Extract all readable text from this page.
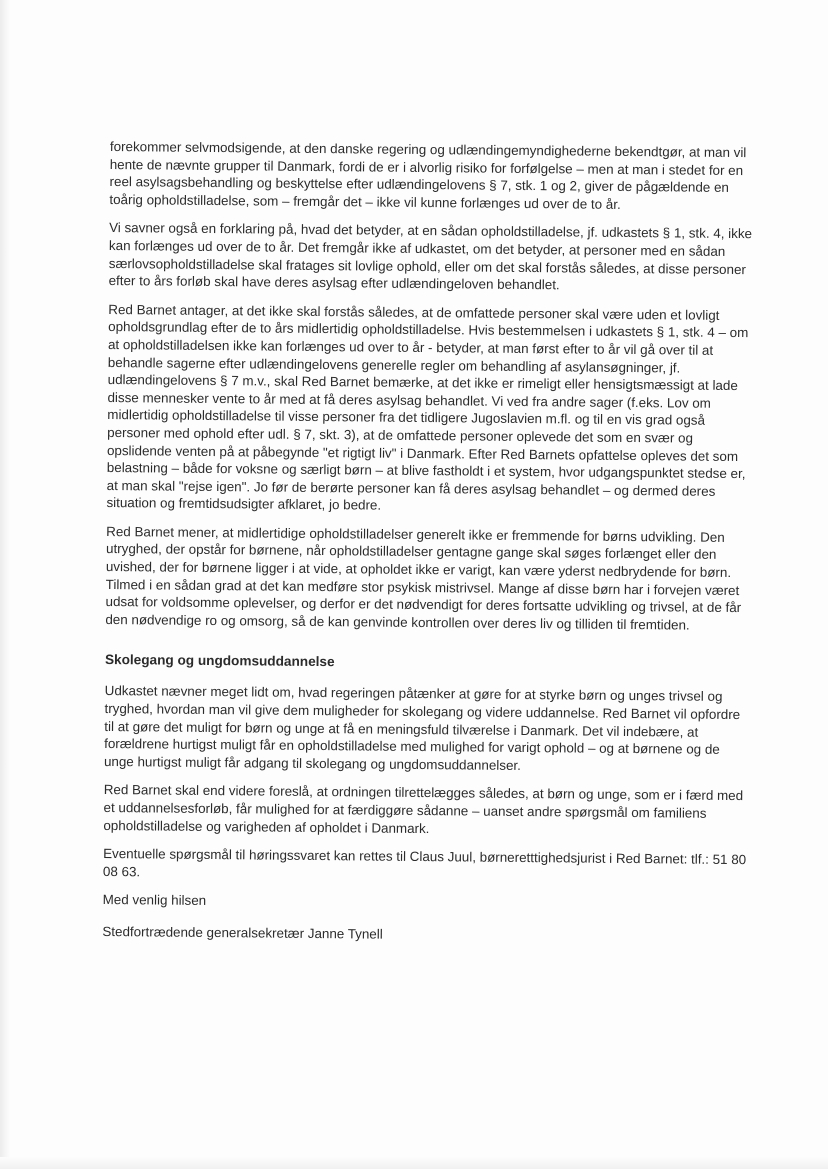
forekommer selvmodsigende, at den danske regering og udlændingemyndighederne bekendtgør, at man vil hente de nævnte grupper til Danmark, fordi de er i alvorlig risiko for forfølgelse – men at man i stedet for en reel asylsagsbehandling og beskyttelse efter udlændingelovens § 7, stk. 1 og 2, giver de pågældende en toårig opholdstilladelse, som – fremgår det – ikke vil kunne forlænges ud over de to år.

Vi savner også en forklaring på, hvad det betyder, at en sådan opholdstilladelse, jf. udkastets § 1, stk. 4, ikke kan forlænges ud over de to år. Det fremgår ikke af udkastet, om det betyder, at personer med en sådan særlovsopholdstilladelse skal fratages sit lovlige ophold, eller om det skal forstås således, at disse personer efter to års forløb skal have deres asylsag efter udlændingeloven behandlet.

Red Barnet antager, at det ikke skal forstås således, at de omfattede personer skal være uden et lovligt opholdsgrundlag efter de to års midlertidig opholdstilladelse. Hvis bestemmelsen i udkastets § 1, stk. 4 – om at opholdstilladelsen ikke kan forlænges ud over to år - betyder, at man først efter to år vil gå over til at behandle sagerne efter udlændingelovens generelle regler om behandling af asylansøgninger, jf. udlændingelovens § 7 m.v., skal Red Barnet bemærke, at det ikke er rimeligt eller hensigtsmæssigt at lade disse mennesker vente to år med at få deres asylsag behandlet. Vi ved fra andre sager (f.eks. Lov om midlertidig opholdstilladelse til visse personer fra det tidligere Jugoslavien m.fl. og til en vis grad også personer med ophold efter udl. § 7, skt. 3), at de omfattede personer oplevede det som en svær og opslidende venten på at påbegynde "et rigtigt liv" i Danmark. Efter Red Barnets opfattelse opleves det som belastning – både for voksne og særligt børn – at blive fastholdt i et system, hvor udgangspunktet stedse er, at man skal "rejse igen". Jo før de berørte personer kan få deres asylsag behandlet – og dermed deres situation og fremtidsudsigter afklaret, jo bedre.

Red Barnet mener, at midlertidige opholdstilladelser generelt ikke er fremmende for børns udvikling. Den utryghed, der opstår for børnene, når opholdstilladelser gentagne gange skal søges forlænget eller den uvished, der for børnene ligger i at vide, at opholdet ikke er varigt, kan være yderst nedbrydende for børn. Tilmed i en sådan grad at det kan medføre stor psykisk mistrivsel. Mange af disse børn har i forvejen været udsat for voldsomme oplevelser, og derfor er det nødvendigt for deres fortsatte udvikling og trivsel, at de får den nødvendige ro og omsorg, så de kan genvinde kontrollen over deres liv og tilliden til fremtiden.

Skolegang og ungdomsuddannelse

Udkastet nævner meget lidt om, hvad regeringen påtænker at gøre for at styrke børn og unges trivsel og tryghed, hvordan man vil give dem muligheder for skolegang og videre uddannelse. Red Barnet vil opfordre til at gøre det muligt for børn og unge at få en meningsfuld tilværelse i Danmark. Det vil indebære, at forældrene hurtigst muligt får en opholdstilladelse med mulighed for varigt ophold – og at børnene og de unge hurtigst muligt får adgang til skolegang og ungdomsuddannelser.

Red Barnet skal end videre foreslå, at ordningen tilrettelægges således, at børn og unge, som er i færd med et uddannelsesforløb, får mulighed for at færdiggøre sådanne – uanset andre spørgsmål om familiens opholdstilladelse og varigheden af opholdet i Danmark.

Eventuelle spørgsmål til høringssvaret kan rettes til Claus Juul, børneretttighedsjurist i Red Barnet: tlf.: 51 80 08 63.

Med venlig hilsen

Stedfortrædende generalsekretær Janne Tynell
